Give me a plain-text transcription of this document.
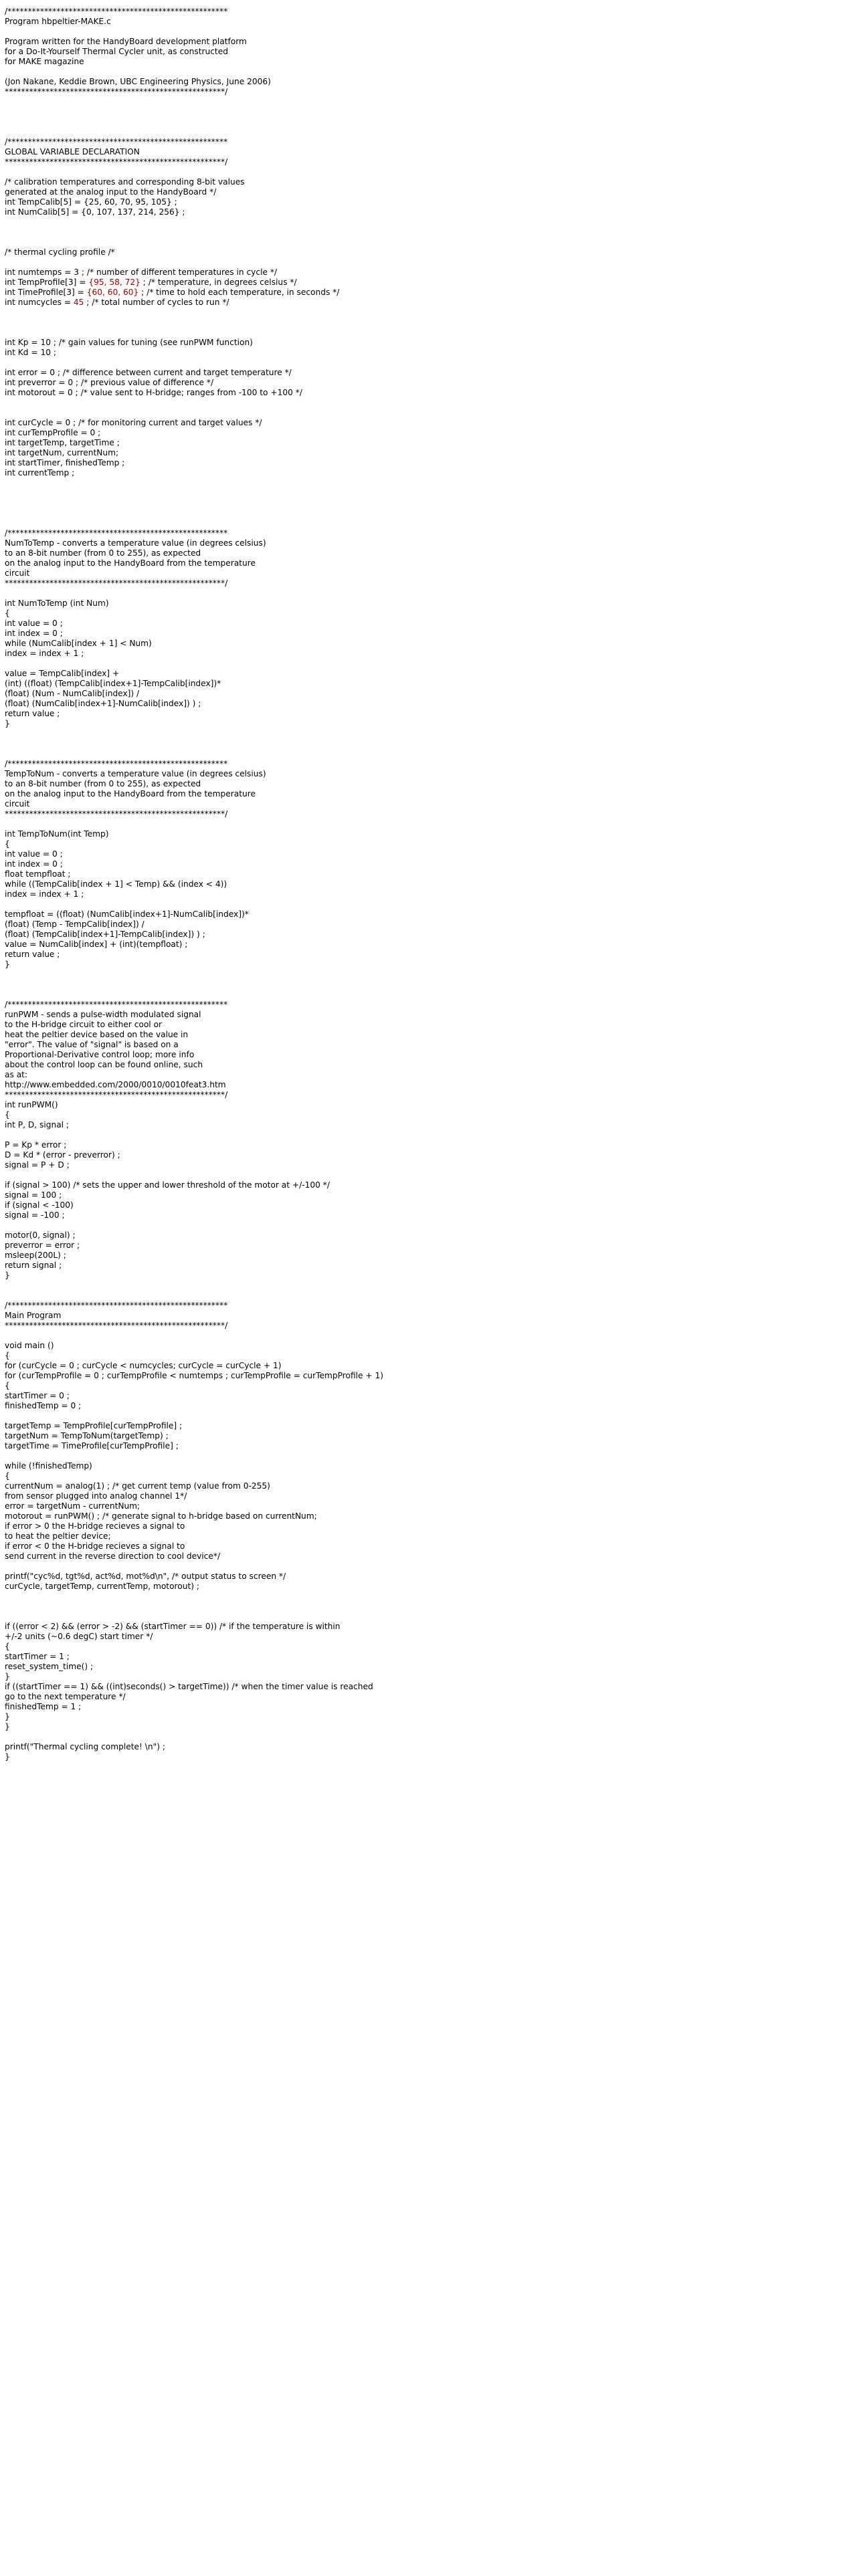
/******************************************************
Program hbpeltier-MAKE.c
Program written for the HandyBoard development platform
for a Do-It-Yourself Thermal Cycler unit, as constructed
for MAKE magazine
(Jon Nakane, Keddie Brown, UBC Engineering Physics, June 2006)
******************************************************/
/******************************************************
GLOBAL VARIABLE DECLARATION
******************************************************/
/* calibration temperatures and corresponding 8-bit values
generated at the analog input to the HandyBoard */
int TempCalib[5] = {25, 60, 70, 95, 105} ;
int NumCalib[5] = {0, 107, 137, 214, 256} ;
/* thermal cycling profile /*
int numtemps = 3 ; /* number of different temperatures in cycle */
int TempProfile[3] = {95, 58, 72} ; /* temperature, in degrees celsius */
int TimeProfile[3] = {60, 60, 60} ; /* time to hold each temperature, in seconds */
int numcycles = 45 ; /* total number of cycles to run */
int Kp = 10 ; /* gain values for tuning (see runPWM function)
int Kd = 10 ;
int error = 0 ; /* difference between current and target temperature */
int preverror = 0 ; /* previous value of difference */
int motorout = 0 ; /* value sent to H-bridge; ranges from -100 to +100 */
int curCycle = 0 ; /* for monitoring current and target values */
int curTempProfile = 0 ;
int targetTemp, targetTime ;
int targetNum, currentNum;
int startTimer, finishedTemp ;
int currentTemp ;
/******************************************************
NumToTemp - converts a temperature value (in degrees celsius)
to an 8-bit number (from 0 to 255), as expected
on the analog input to the HandyBoard from the temperature
circuit
******************************************************/
int NumToTemp (int Num)
{
int value = 0 ;
int index = 0 ;
while (NumCalib[index + 1] < Num)
index = index + 1 ;
value = TempCalib[index] +
(int) ((float) (TempCalib[index+1]-TempCalib[index])*
(float) (Num - NumCalib[index]) /
(float) (NumCalib[index+1]-NumCalib[index]) ) ;
return value ;
}
/******************************************************
TempToNum - converts a temperature value (in degrees celsius)
to an 8-bit number (from 0 to 255), as expected
on the analog input to the HandyBoard from the temperature
circuit
******************************************************/
int TempToNum(int Temp)
{
int value = 0 ;
int index = 0 ;
float tempfloat ;
while ((TempCalib[index + 1] < Temp) && (index < 4))
index = index + 1 ;
tempfloat = ((float) (NumCalib[index+1]-NumCalib[index])*
(float) (Temp - TempCalib[index]) /
(float) (TempCalib[index+1]-TempCalib[index]) ) ;
value = NumCalib[index] + (int)(tempfloat) ;
return value ;
}
/******************************************************
runPWM - sends a pulse-width modulated signal
to the H-bridge circuit to either cool or
heat the peltier device based on the value in
"error". The value of "signal" is based on a
Proportional-Derivative control loop; more info
about the control loop can be found online, such
as at:
http://www.embedded.com/2000/0010/0010feat3.htm
******************************************************/
int runPWM()
{
int P, D, signal ;
P = Kp * error ;
D = Kd * (error - preverror) ;
signal = P + D ;
if (signal > 100) /* sets the upper and lower threshold of the motor at +/-100 */
signal = 100 ;
if (signal < -100)
signal = -100 ;
motor(0, signal) ;
preverror = error ;
msleep(200L) ;
return signal ;
}
/******************************************************
Main Program
******************************************************/
void main ()
{
for (curCycle = 0 ; curCycle < numcycles; curCycle = curCycle + 1)
for (curTempProfile = 0 ; curTempProfile < numtemps ; curTempProfile = curTempProfile + 1)
{
startTimer = 0 ;
finishedTemp = 0 ;
targetTemp = TempProfile[curTempProfile] ;
targetNum = TempToNum(targetTemp) ;
targetTime = TimeProfile[curTempProfile] ;
while (!finishedTemp)
{
currentNum = analog(1) ; /* get current temp (value from 0-255)
from sensor plugged into analog channel 1*/
error = targetNum - currentNum;
motorout = runPWM() ; /* generate signal to h-bridge based on currentNum;
if error > 0 the H-bridge recieves a signal to
to heat the peltier device;
if error < 0 the H-bridge recieves a signal to
send current in the reverse direction to cool device*/
printf("cyc%d, tgt%d, act%d, mot%d\n", /* output status to screen */
curCycle, targetTemp, currentTemp, motorout) ;
if ((error < 2) && (error > -2) && (startTimer == 0)) /* if the temperature is within
+/-2 units (~0.6 degC) start timer */
{
startTimer = 1 ;
reset_system_time() ;
}
if ((startTimer == 1) && ((int)seconds() > targetTime)) /* when the timer value is reached
go to the next temperature */
finishedTemp = 1 ;
}
}
printf("Thermal cycling complete! \n") ;
}
